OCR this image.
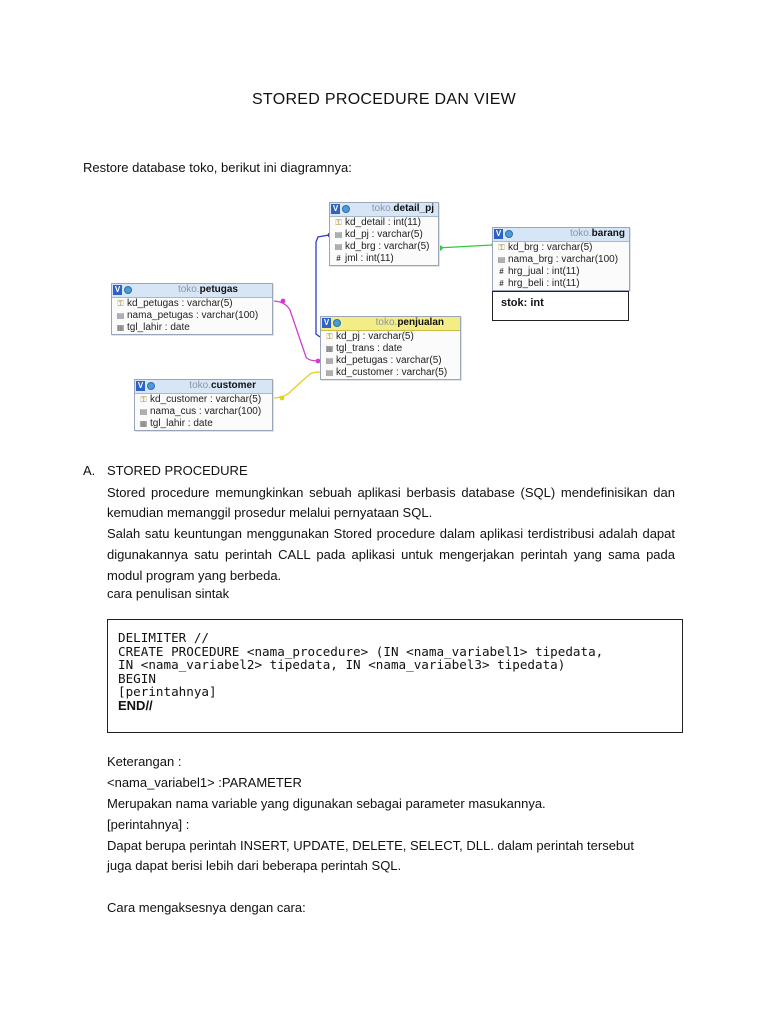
STORED PROCEDURE DAN VIEW
Restore database toko, berikut ini diagramnya:
V	toko.detail_pj
⚿ kd_detail : int(11)
▤ kd_pj : varchar(5)
▤ kd_brg : varchar(5)
# jml : int(11)
V	toko.barang
⚿ kd_brg : varchar(5)
▤ nama_brg : varchar(100)
# hrg_jual : int(11)
# hrg_beli : int(11)
stok: int
V	toko.petugas
⚿ kd_petugas : varchar(5)
▤ nama_petugas : varchar(100)
▦ tgl_lahir : date	V	toko.penjualan
⚿ kd_pj : varchar(5)
▦ tgl_trans : date
▤ kd_petugas : varchar(5)
▤ kd_customer : varchar(5)
V	toko.customer
⚿ kd_customer : varchar(5)
▤ nama_cus : varchar(100)
▦ tgl_lahir : date
A. STORED PROCEDURE
Stored procedure memungkinkan sebuah aplikasi berbasis database (SQL) mendefinisikan dan kemudian memanggil prosedur melalui pernyataan SQL.
Salah satu keuntungan menggunakan Stored procedure dalam aplikasi terdistribusi adalah dapat digunakannya satu perintah CALL pada aplikasi untuk mengerjakan perintah yang sama pada modul program yang berbeda.
cara penulisan sintak
DELIMITER //
CREATE PROCEDURE <nama_procedure> (IN <nama_variabel1> tipedata,
IN <nama_variabel2> tipedata, IN <nama_variabel3> tipedata)
BEGIN
[perintahnya]
END//
Keterangan :
<nama_variabel1> :PARAMETER
Merupakan nama variable yang digunakan sebagai parameter masukannya.
[perintahnya] :
Dapat berupa perintah INSERT, UPDATE, DELETE, SELECT, DLL. dalam perintah tersebut
juga dapat berisi lebih dari beberapa perintah SQL.
Cara mengaksesnya dengan cara:
